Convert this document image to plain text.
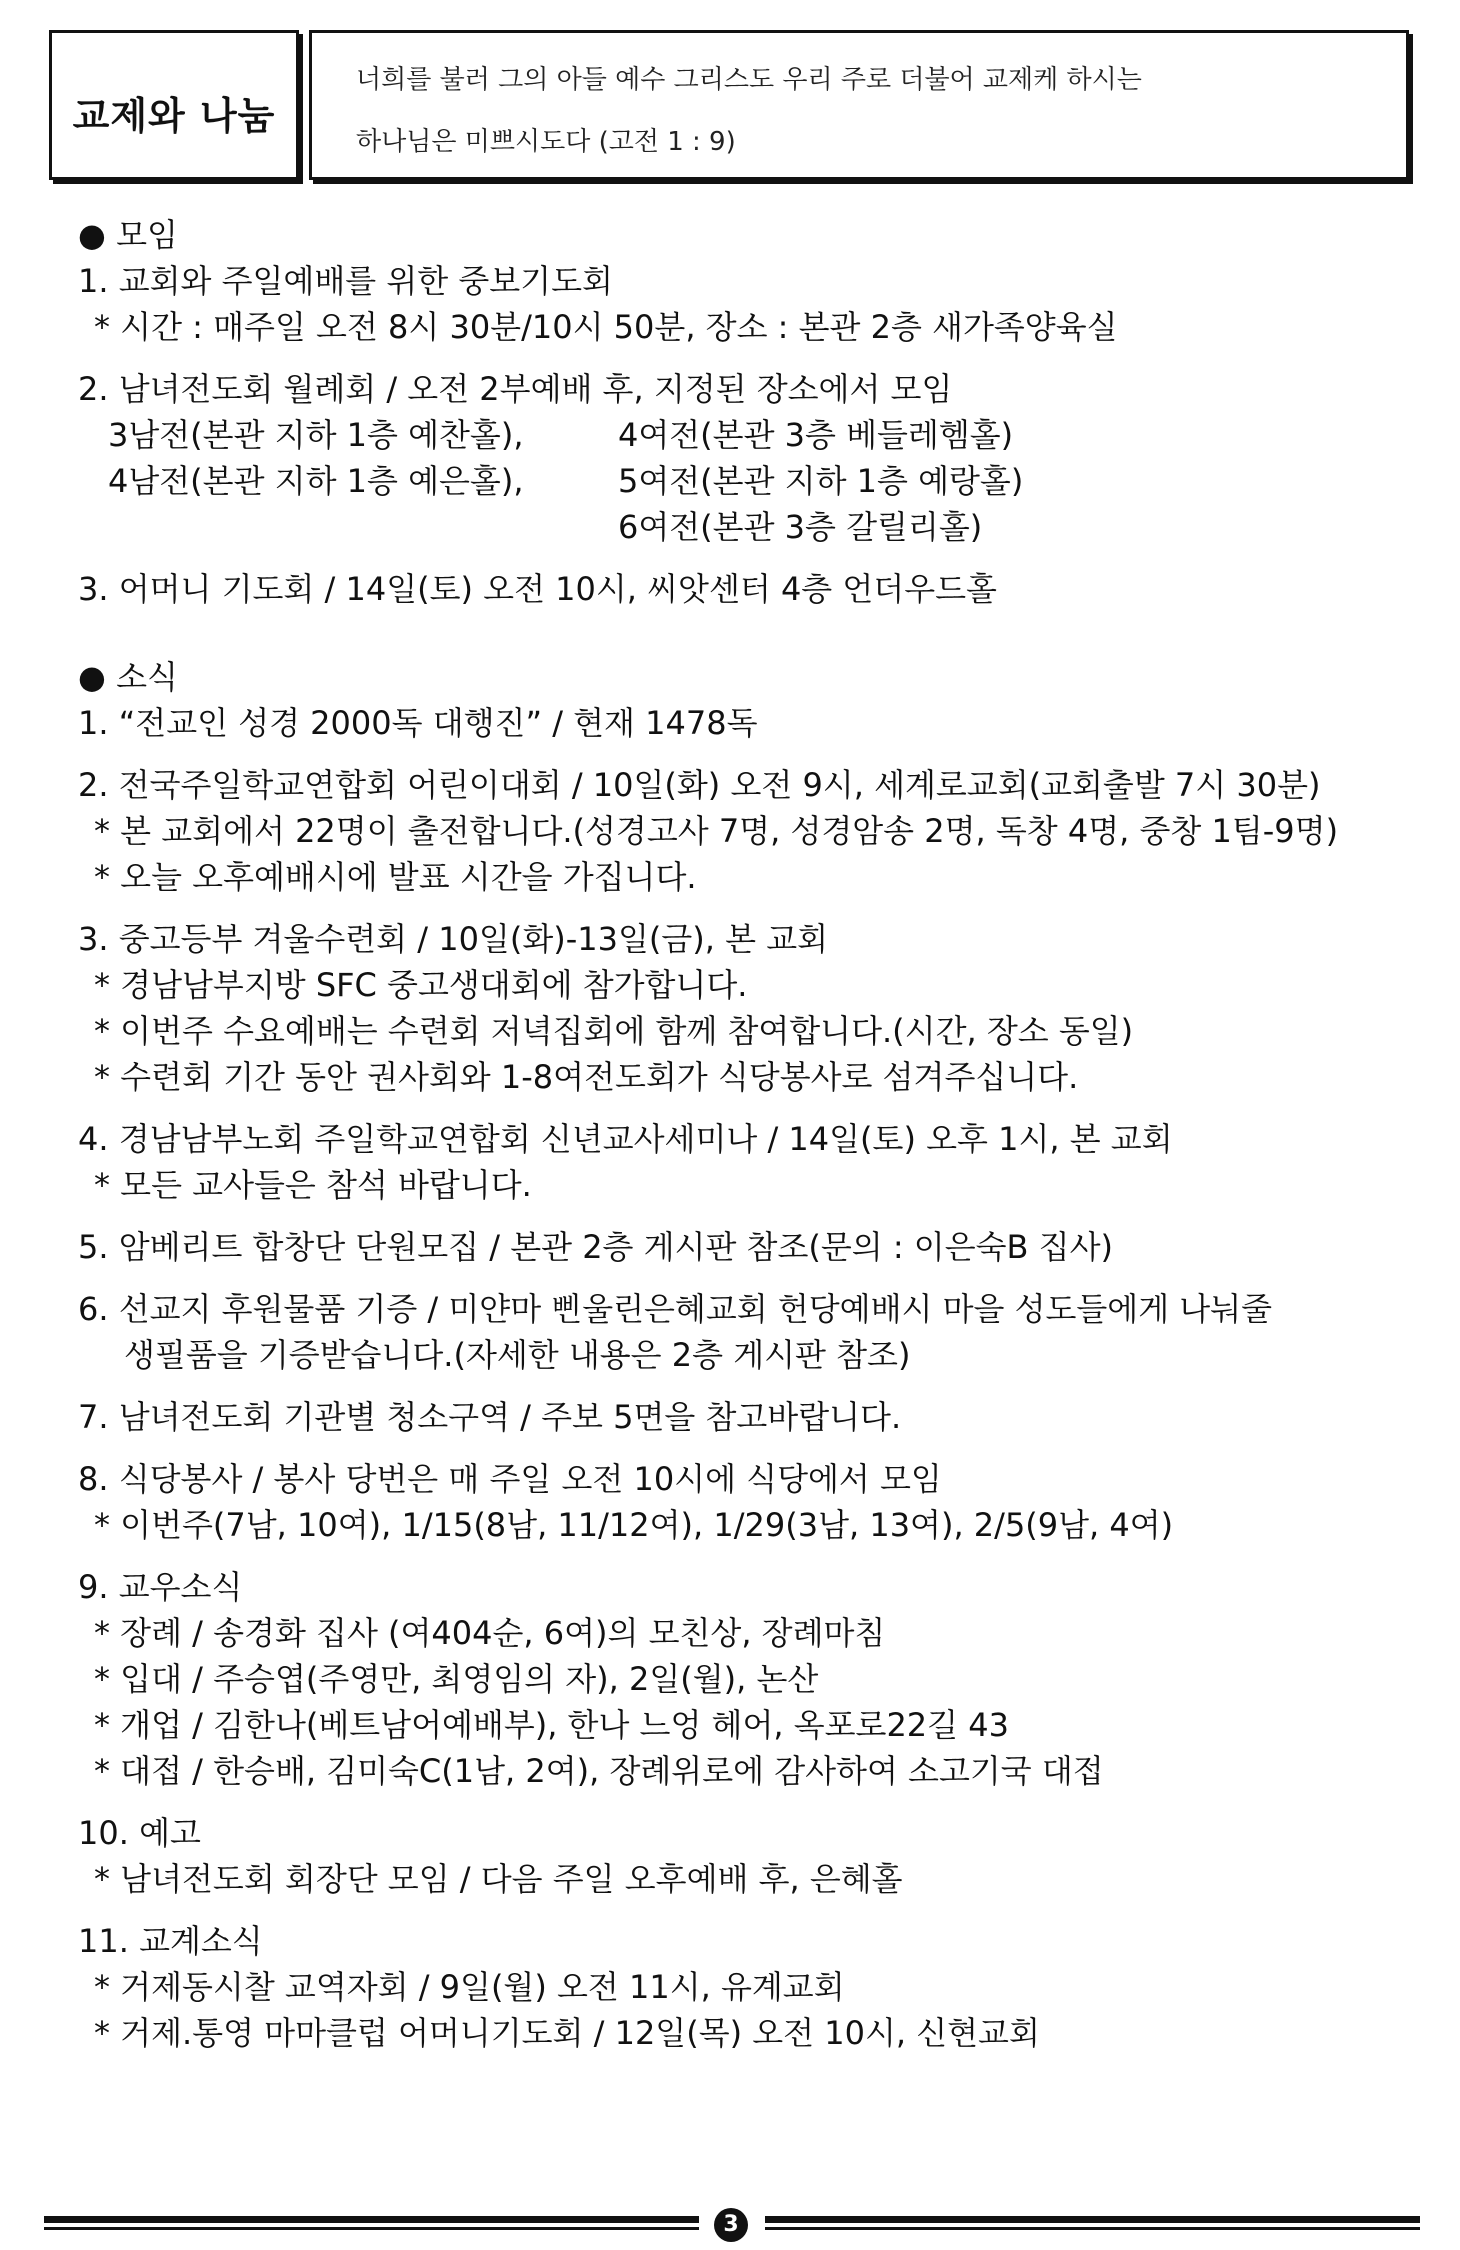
교제와 나눔
너희를 불러 그의 아들 예수 그리스도 우리 주로 더불어 교제케 하시는
하나님은 미쁘시도다 (고전 1 : 9)
● 모임
1. 교회와 주일예배를 위한 중보기도회
* 시간 : 매주일 오전 8시 30분/10시 50분, 장소 : 본관 2층 새가족양육실
2. 남녀전도회 월례회 / 오전 2부예배 후, 지정된 장소에서 모임
3남전(본관 지하 1층 예찬홀),	4여전(본관 3층 베들레헴홀)
4남전(본관 지하 1층 예은홀),	5여전(본관 지하 1층 예랑홀)
6여전(본관 3층 갈릴리홀)
3. 어머니 기도회 / 14일(토) 오전 10시, 씨앗센터 4층 언더우드홀
● 소식
1. “전교인 성경 2000독 대행진” / 현재 1478독
2. 전국주일학교연합회 어린이대회 / 10일(화) 오전 9시, 세계로교회(교회출발 7시 30분)
* 본 교회에서 22명이 출전합니다.(성경고사 7명, 성경암송 2명, 독창 4명, 중창 1팀-9명)
* 오늘 오후예배시에 발표 시간을 가집니다.
3. 중고등부 겨울수련회 / 10일(화)-13일(금), 본 교회
* 경남남부지방 SFC 중고생대회에 참가합니다.
* 이번주 수요예배는 수련회 저녁집회에 함께 참여합니다.(시간, 장소 동일)
* 수련회 기간 동안 권사회와 1-8여전도회가 식당봉사로 섬겨주십니다.
4. 경남남부노회 주일학교연합회 신년교사세미나 / 14일(토) 오후 1시, 본 교회
* 모든 교사들은 참석 바랍니다.
5. 암베리트 합창단 단원모집 / 본관 2층 게시판 참조(문의 : 이은숙B 집사)
6. 선교지 후원물품 기증 / 미얀마 삔울린은혜교회 헌당예배시 마을 성도들에게 나눠줄
생필품을 기증받습니다.(자세한 내용은 2층 게시판 참조)
7. 남녀전도회 기관별 청소구역 / 주보 5면을 참고바랍니다.
8. 식당봉사 / 봉사 당번은 매 주일 오전 10시에 식당에서 모임
* 이번주(7남, 10여), 1/15(8남, 11/12여), 1/29(3남, 13여), 2/5(9남, 4여)
9. 교우소식
* 장례 / 송경화 집사 (여404순, 6여)의 모친상, 장례마침
* 입대 / 주승엽(주영만, 최영임의 자), 2일(월), 논산
* 개업 / 김한나(베트남어예배부), 한나 느엉 헤어, 옥포로22길 43
* 대접 / 한승배, 김미숙C(1남, 2여), 장례위로에 감사하여 소고기국 대접
10. 예고
* 남녀전도회 회장단 모임 / 다음 주일 오후예배 후, 은혜홀
11. 교계소식
* 거제동시찰 교역자회 / 9일(월) 오전 11시, 유계교회
* 거제.통영 마마클럽 어머니기도회 / 12일(목) 오전 10시, 신현교회
3
